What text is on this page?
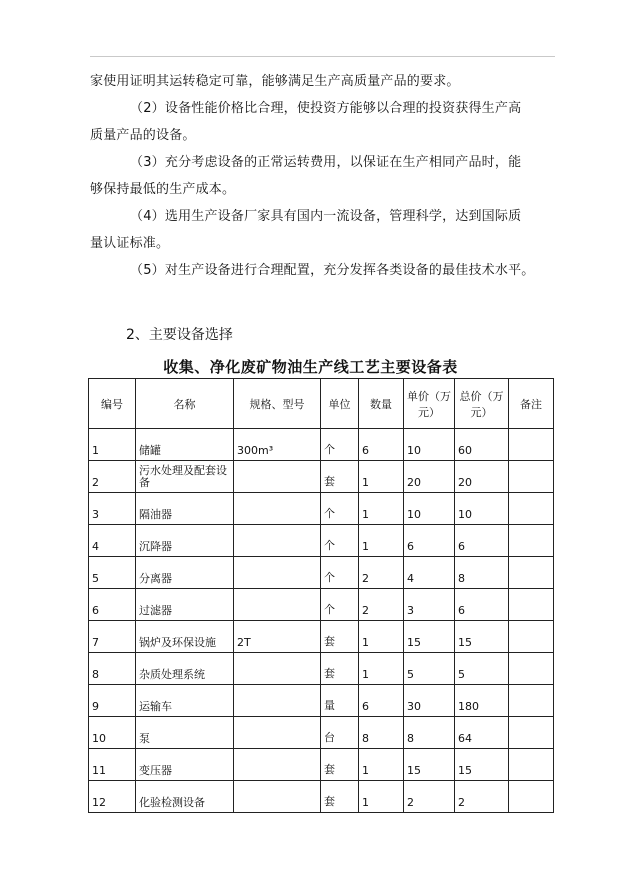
家使用证明其运转稳定可靠，能够满足生产高质量产品的要求。
（2）设备性能价格比合理，使投资方能够以合理的投资获得生产高
质量产品的设备。
（3）充分考虑设备的正常运转费用，以保证在生产相同产品时，能
够保持最低的生产成本。
（4）选用生产设备厂家具有国内一流设备，管理科学，达到国际质
量认证标准。
（5）对生产设备进行合理配置，充分发挥各类设备的最佳技术水平。
2、主要设备选择
收集、净化废矿物油生产线工艺主要设备表
编号	名称	规格、型号	单位	数量	单价（万元）	总价（万元）	备注
1	储罐	300m³	个	6	10	60	
2	污水处理及配套设备		套	1	20	20	
3	隔油器		个	1	10	10	
4	沉降器		个	1	6	6	
5	分离器		个	2	4	8	
6	过滤器		个	2	3	6	
7	锅炉及环保设施	2T	套	1	15	15	
8	杂质处理系统		套	1	5	5	
9	运输车		量	6	30	180	
10	泵		台	8	8	64	
11	变压器		套	1	15	15	
12	化验检测设备		套	1	2	2	
